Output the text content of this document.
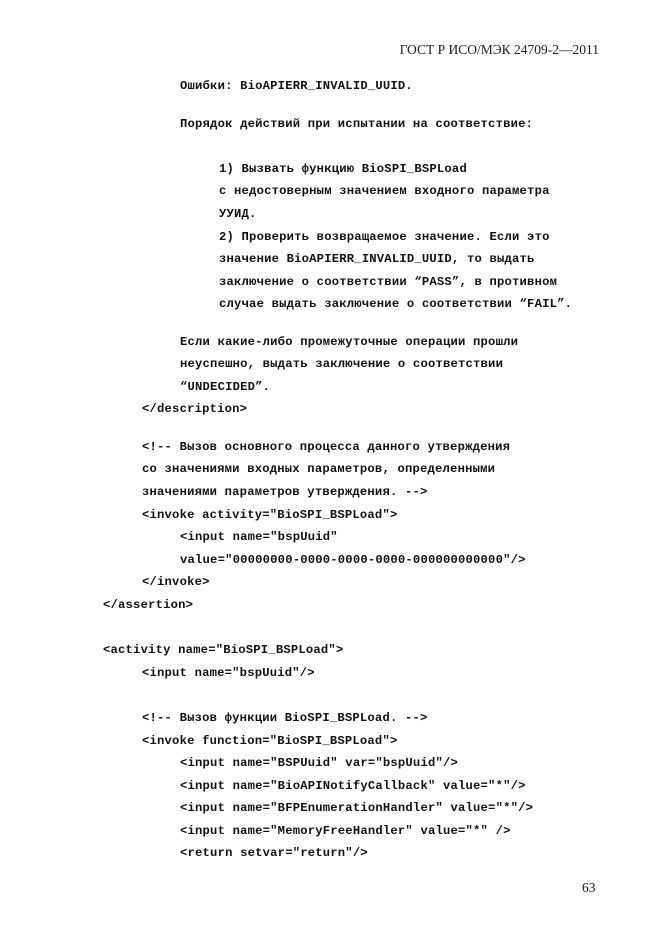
ГОСТ Р ИСО/МЭК 24709-2—2011
Ошибки: BioAPIERR_INVALID_UUID.
Порядок действий при испытании на соответствие:
1) Вызвать функцию BioSPI_BSPLoad
с недостоверным значением входного параметра
УУИД.
2) Проверить возвращаемое значение. Если это
значение BioAPIERR_INVALID_UUID, то выдать
заключение о соответствии “PASS”, в противном
случае выдать заключение о соответствии “FAIL”.
Если какие-либо промежуточные операции прошли
неуспешно, выдать заключение о соответствии
“UNDECIDED”.
</description>
<!-- Вызов основного процесса данного утверждения
со значениями входных параметров, определенными
значениями параметров утверждения. -->
<invoke activity="BioSPI_BSPLoad">
<input name="bspUuid"
value="00000000-0000-0000-0000-000000000000"/>
</invoke>
</assertion>
<activity name="BioSPI_BSPLoad">
<input name="bspUuid"/>
<!-- Вызов функции BioSPI_BSPLoad. -->
<invoke function="BioSPI_BSPLoad">
<input name="BSPUuid" var="bspUuid"/>
<input name="BioAPINotifyCallback" value="*"/>
<input name="BFPEnumerationHandler" value="*"/>
<input name="MemoryFreeHandler" value="*" />
<return setvar="return"/>
63
